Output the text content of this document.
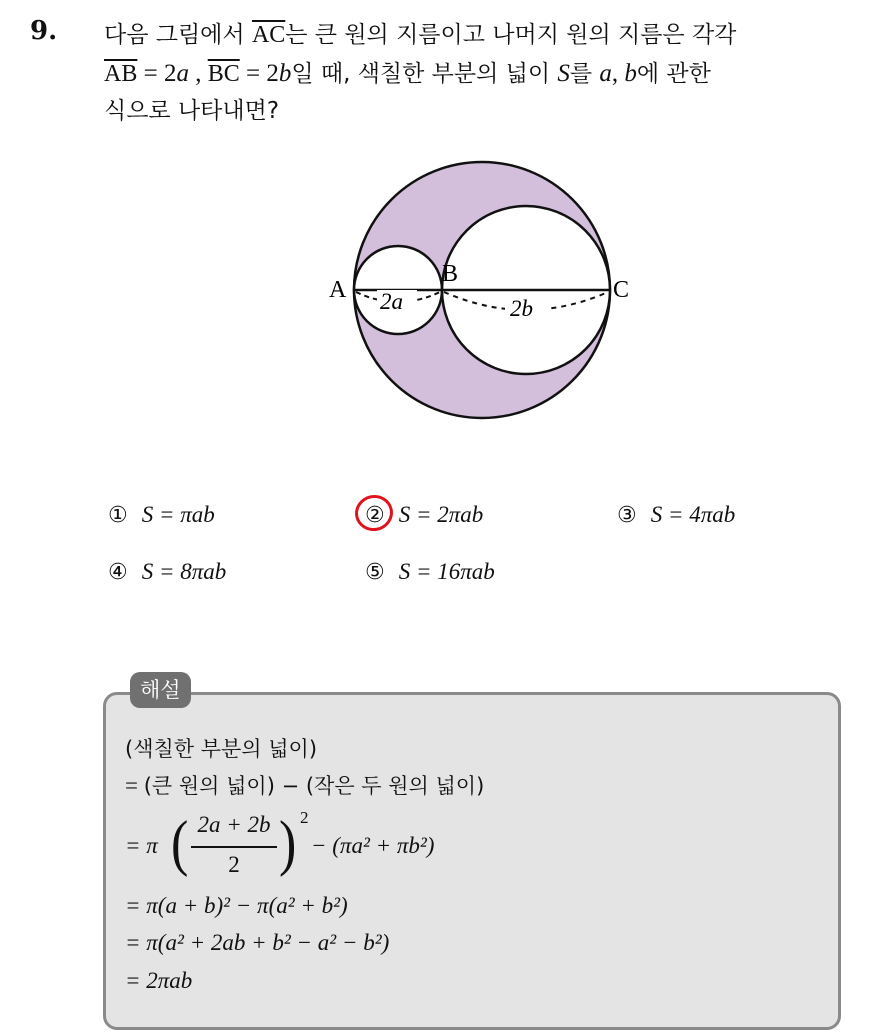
9. 다음 그림에서 $\overline{AC}$는 큰 원의 지름이고 나머지 원의 지름은 각각
$\overline{AB} = 2a$ , $\overline{BC} = 2b$일 때, 색칠한 부분의 넓이 S를 a, b에 관한
식으로 나타내면?
A
B
C
2a	2b
① S = πab	② S = 2πab	③ S = 4πab
④ S = 8πab	⑤ S = 16πab
해설
(색칠한 부분의 넓이)
= (큰 원의 넓이) − (작은 두 원의 넓이)
= π ( 2a + 2b
2 ) 2
− (πa² + πb²)
= π(a + b)² − π(a² + b²)
= π(a² + 2ab + b² − a² − b²)
= 2πab
